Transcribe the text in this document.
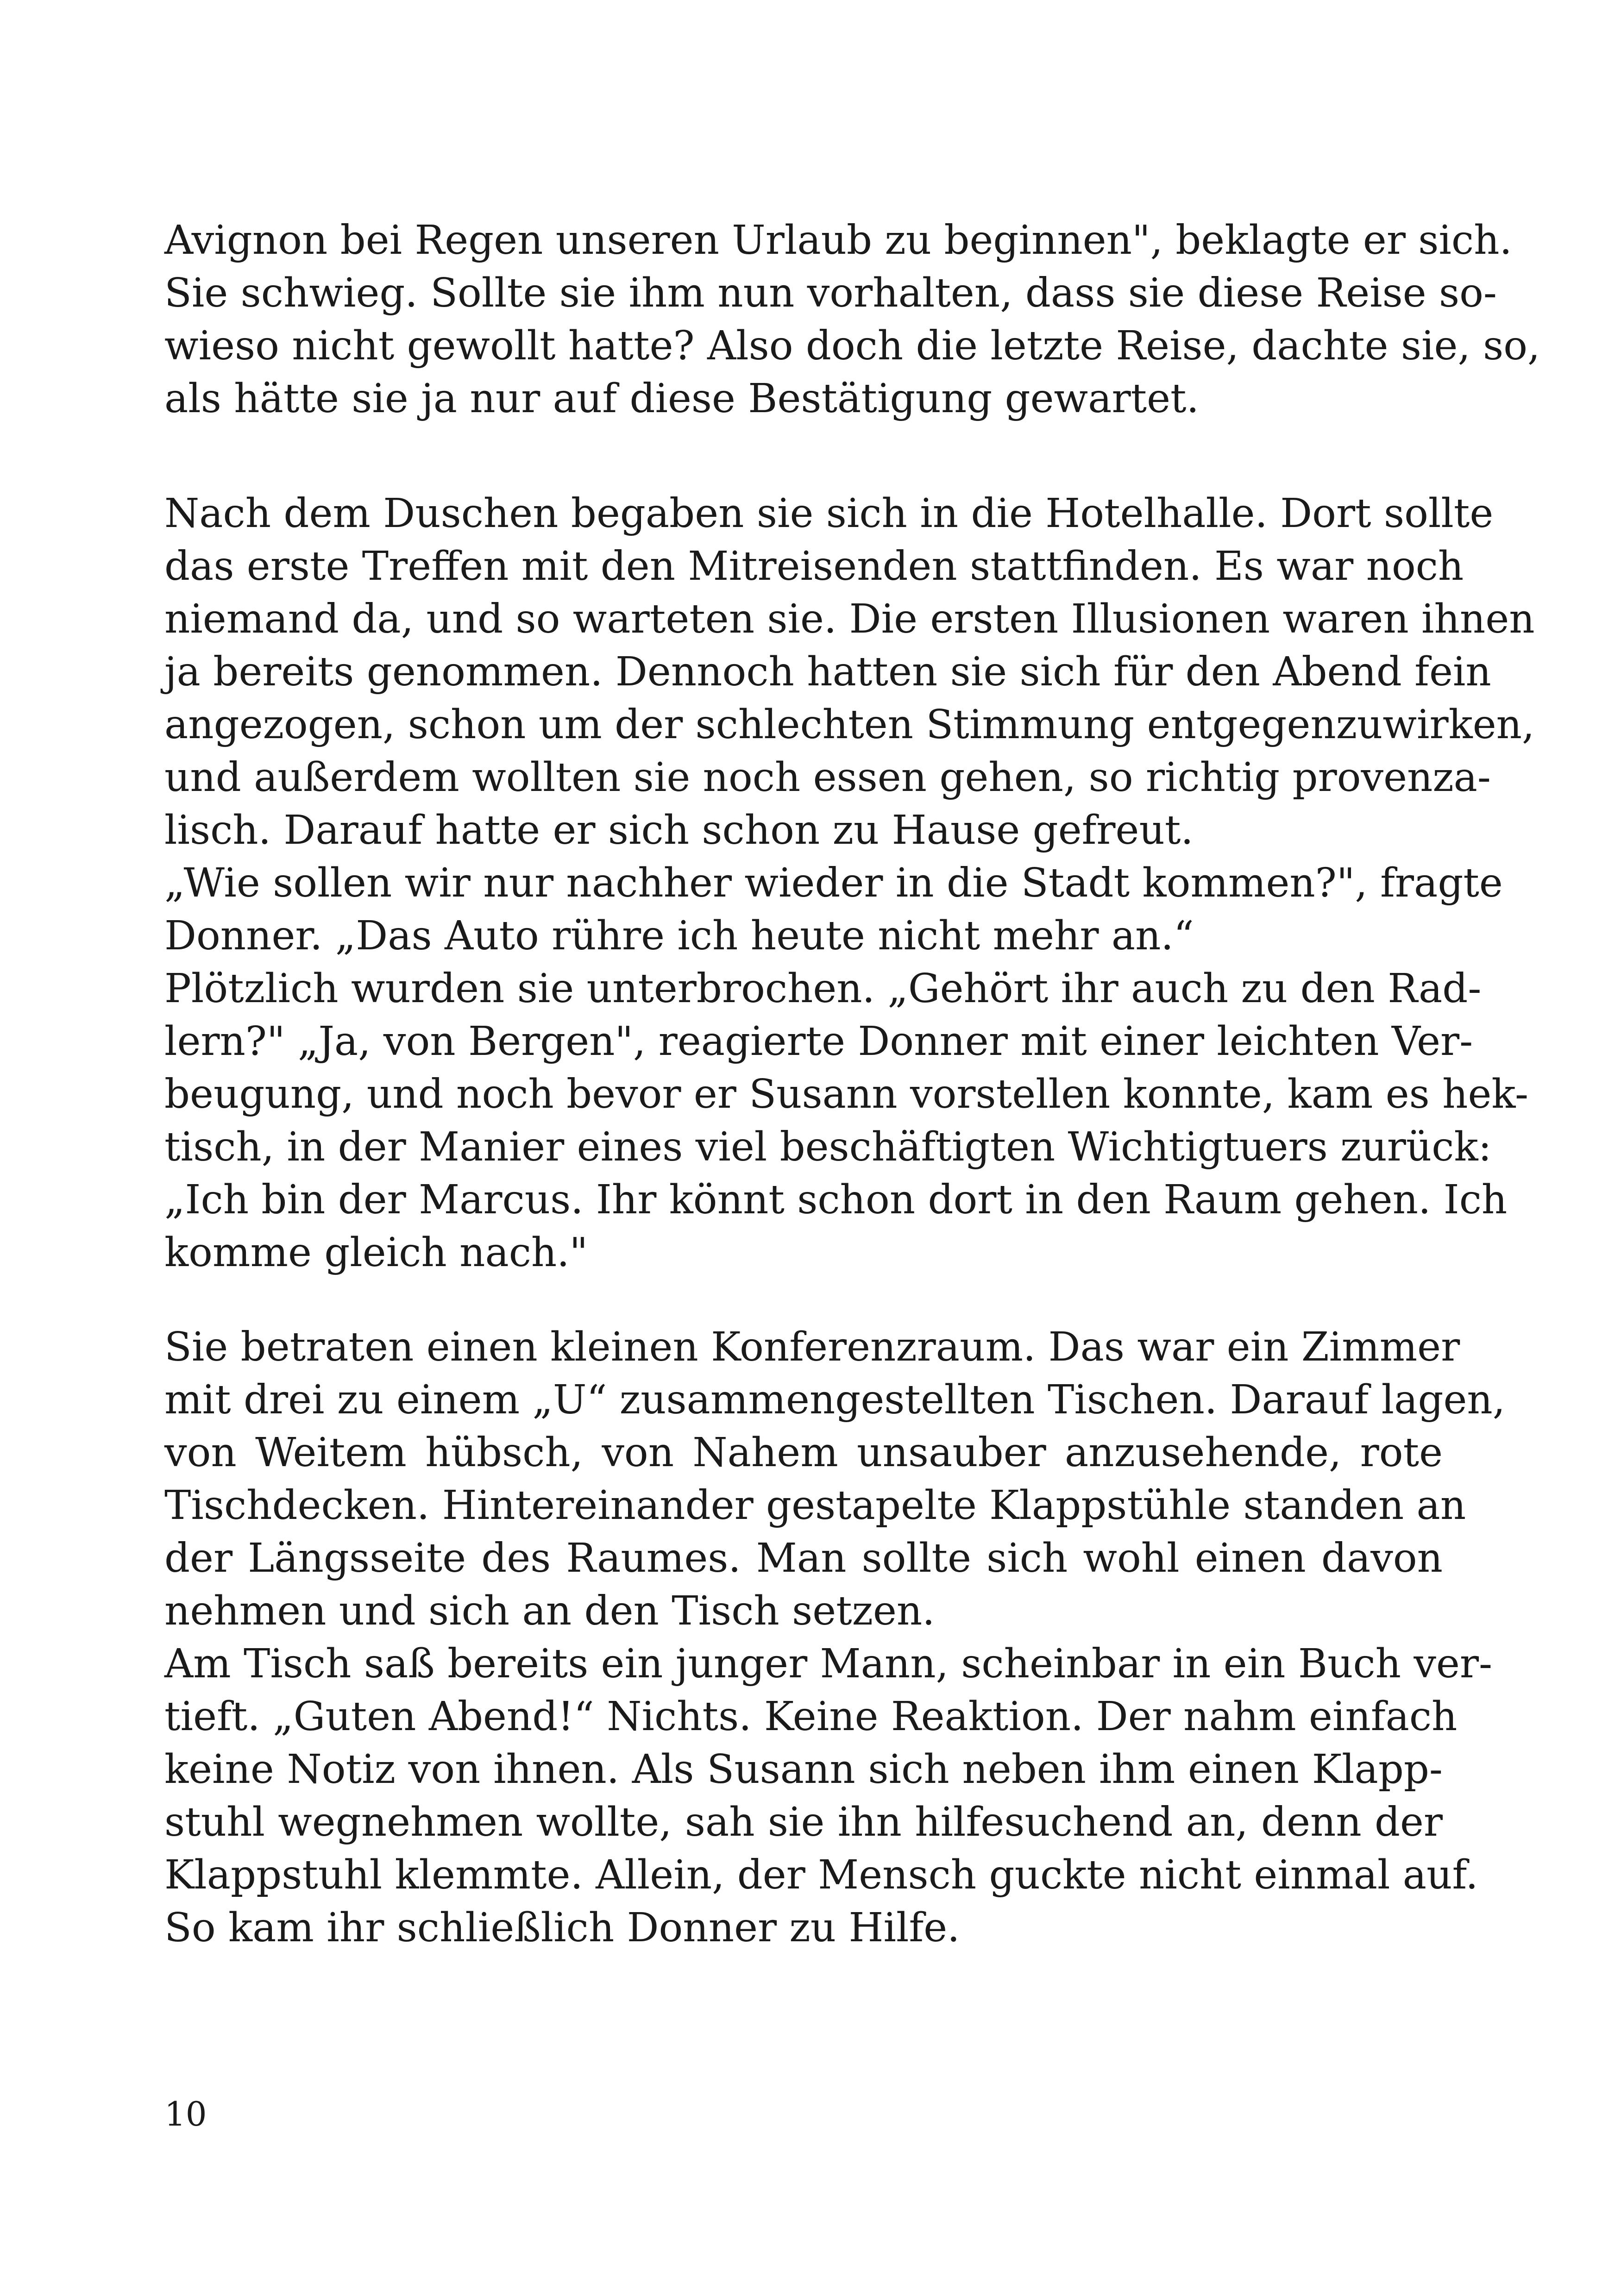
Avignon bei Regen unseren Urlaub zu beginnen", beklagte er sich.
Sie schwieg. Sollte sie ihm nun vorhalten, dass sie diese Reise so-
wieso nicht gewollt hatte? Also doch die letzte Reise, dachte sie, so,
als hätte sie ja nur auf diese Bestätigung gewartet.
Nach dem Duschen begaben sie sich in die Hotelhalle. Dort sollte
das erste Treffen mit den Mitreisenden stattfinden. Es war noch
niemand da, und so warteten sie. Die ersten Illusionen waren ihnen
ja bereits genommen. Dennoch hatten sie sich für den Abend fein
angezogen, schon um der schlechten Stimmung entgegenzuwirken,
und außerdem wollten sie noch essen gehen, so richtig provenza-
lisch. Darauf hatte er sich schon zu Hause gefreut.
„Wie sollen wir nur nachher wieder in die Stadt kommen?", fragte
Donner. „Das Auto rühre ich heute nicht mehr an.“
Plötzlich wurden sie unterbrochen. „Gehört ihr auch zu den Rad-
lern?" „Ja, von Bergen", reagierte Donner mit einer leichten Ver-
beugung, und noch bevor er Susann vorstellen konnte, kam es hek-
tisch, in der Manier eines viel beschäftigten Wichtigtuers zurück:
„Ich bin der Marcus. Ihr könnt schon dort in den Raum gehen. Ich
komme gleich nach."
Sie betraten einen kleinen Konferenzraum. Das war ein Zimmer
mit drei zu einem „U“ zusammengestellten Tischen. Darauf lagen,
von Weitem hübsch, von Nahem unsauber anzusehende, rote
Tischdecken. Hintereinander gestapelte Klappstühle standen an
der Längsseite des Raumes. Man sollte sich wohl einen davon
nehmen und sich an den Tisch setzen.
Am Tisch saß bereits ein junger Mann, scheinbar in ein Buch ver-
tieft. „Guten Abend!“ Nichts. Keine Reaktion. Der nahm einfach
keine Notiz von ihnen. Als Susann sich neben ihm einen Klapp-
stuhl wegnehmen wollte, sah sie ihn hilfesuchend an, denn der
Klappstuhl klemmte. Allein, der Mensch guckte nicht einmal auf.
So kam ihr schließlich Donner zu Hilfe.
10
